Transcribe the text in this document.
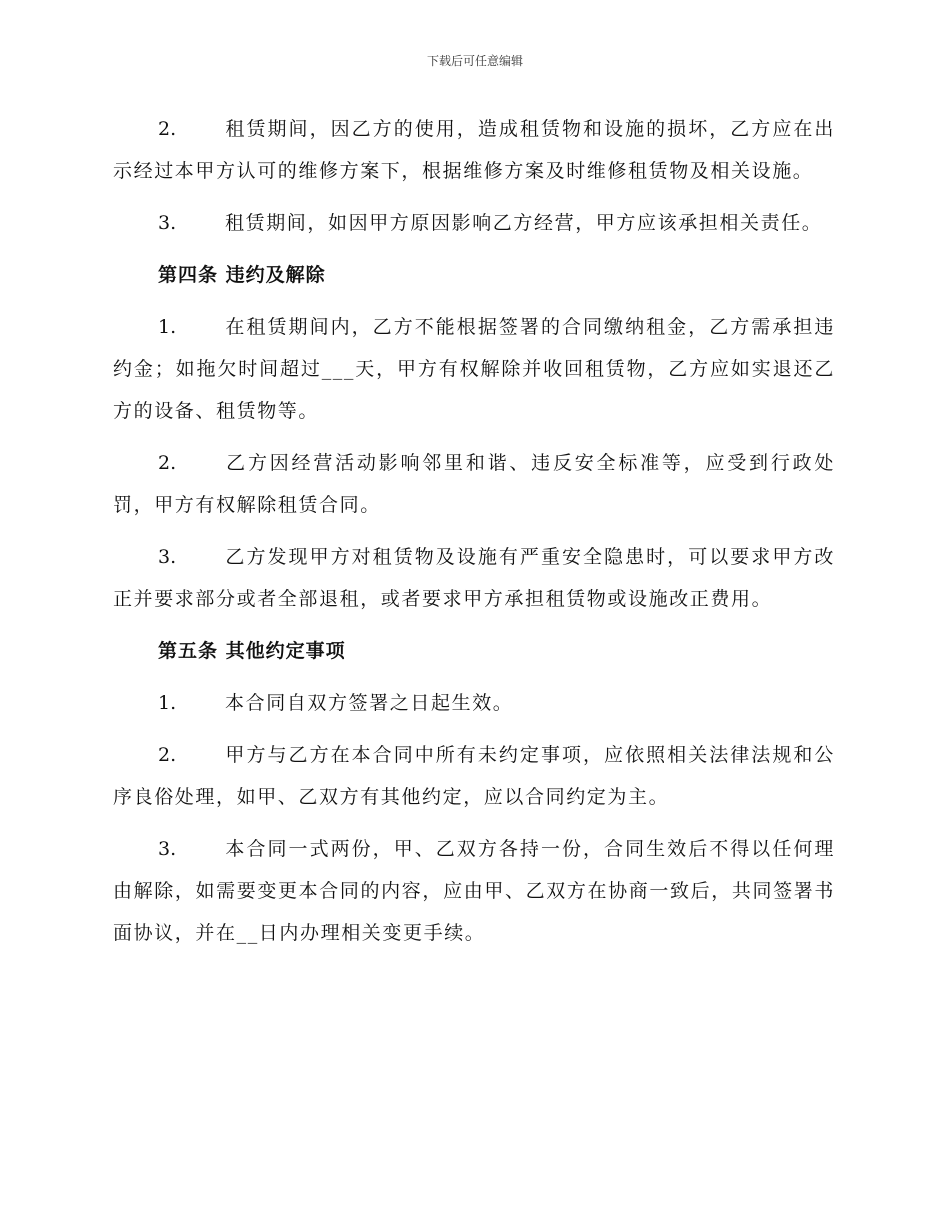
下载后可任意编辑

2.	租赁期间，因乙方的使用，造成租赁物和设施的损坏，乙方应在出示经过本甲方认可的维修方案下，根据维修方案及时维修租赁物及相关设施。

3.	租赁期间，如因甲方原因影响乙方经营，甲方应该承担相关责任。

第四条 违约及解除

1.	在租赁期间内，乙方不能根据签署的合同缴纳租金，乙方需承担违约金；如拖欠时间超过___天，甲方有权解除并收回租赁物，乙方应如实退还乙方的设备、租赁物等。

2.	乙方因经营活动影响邻里和谐、违反安全标准等，应受到行政处罚，甲方有权解除租赁合同。

3.	乙方发现甲方对租赁物及设施有严重安全隐患时，可以要求甲方改正并要求部分或者全部退租，或者要求甲方承担租赁物或设施改正费用。

第五条 其他约定事项

1.	本合同自双方签署之日起生效。

2.	甲方与乙方在本合同中所有未约定事项，应依照相关法律法规和公序良俗处理，如甲、乙双方有其他约定，应以合同约定为主。

3.	本合同一式两份，甲、乙双方各持一份，合同生效后不得以任何理由解除，如需要变更本合同的内容，应由甲、乙双方在协商一致后，共同签署书面协议，并在__日内办理相关变更手续。
